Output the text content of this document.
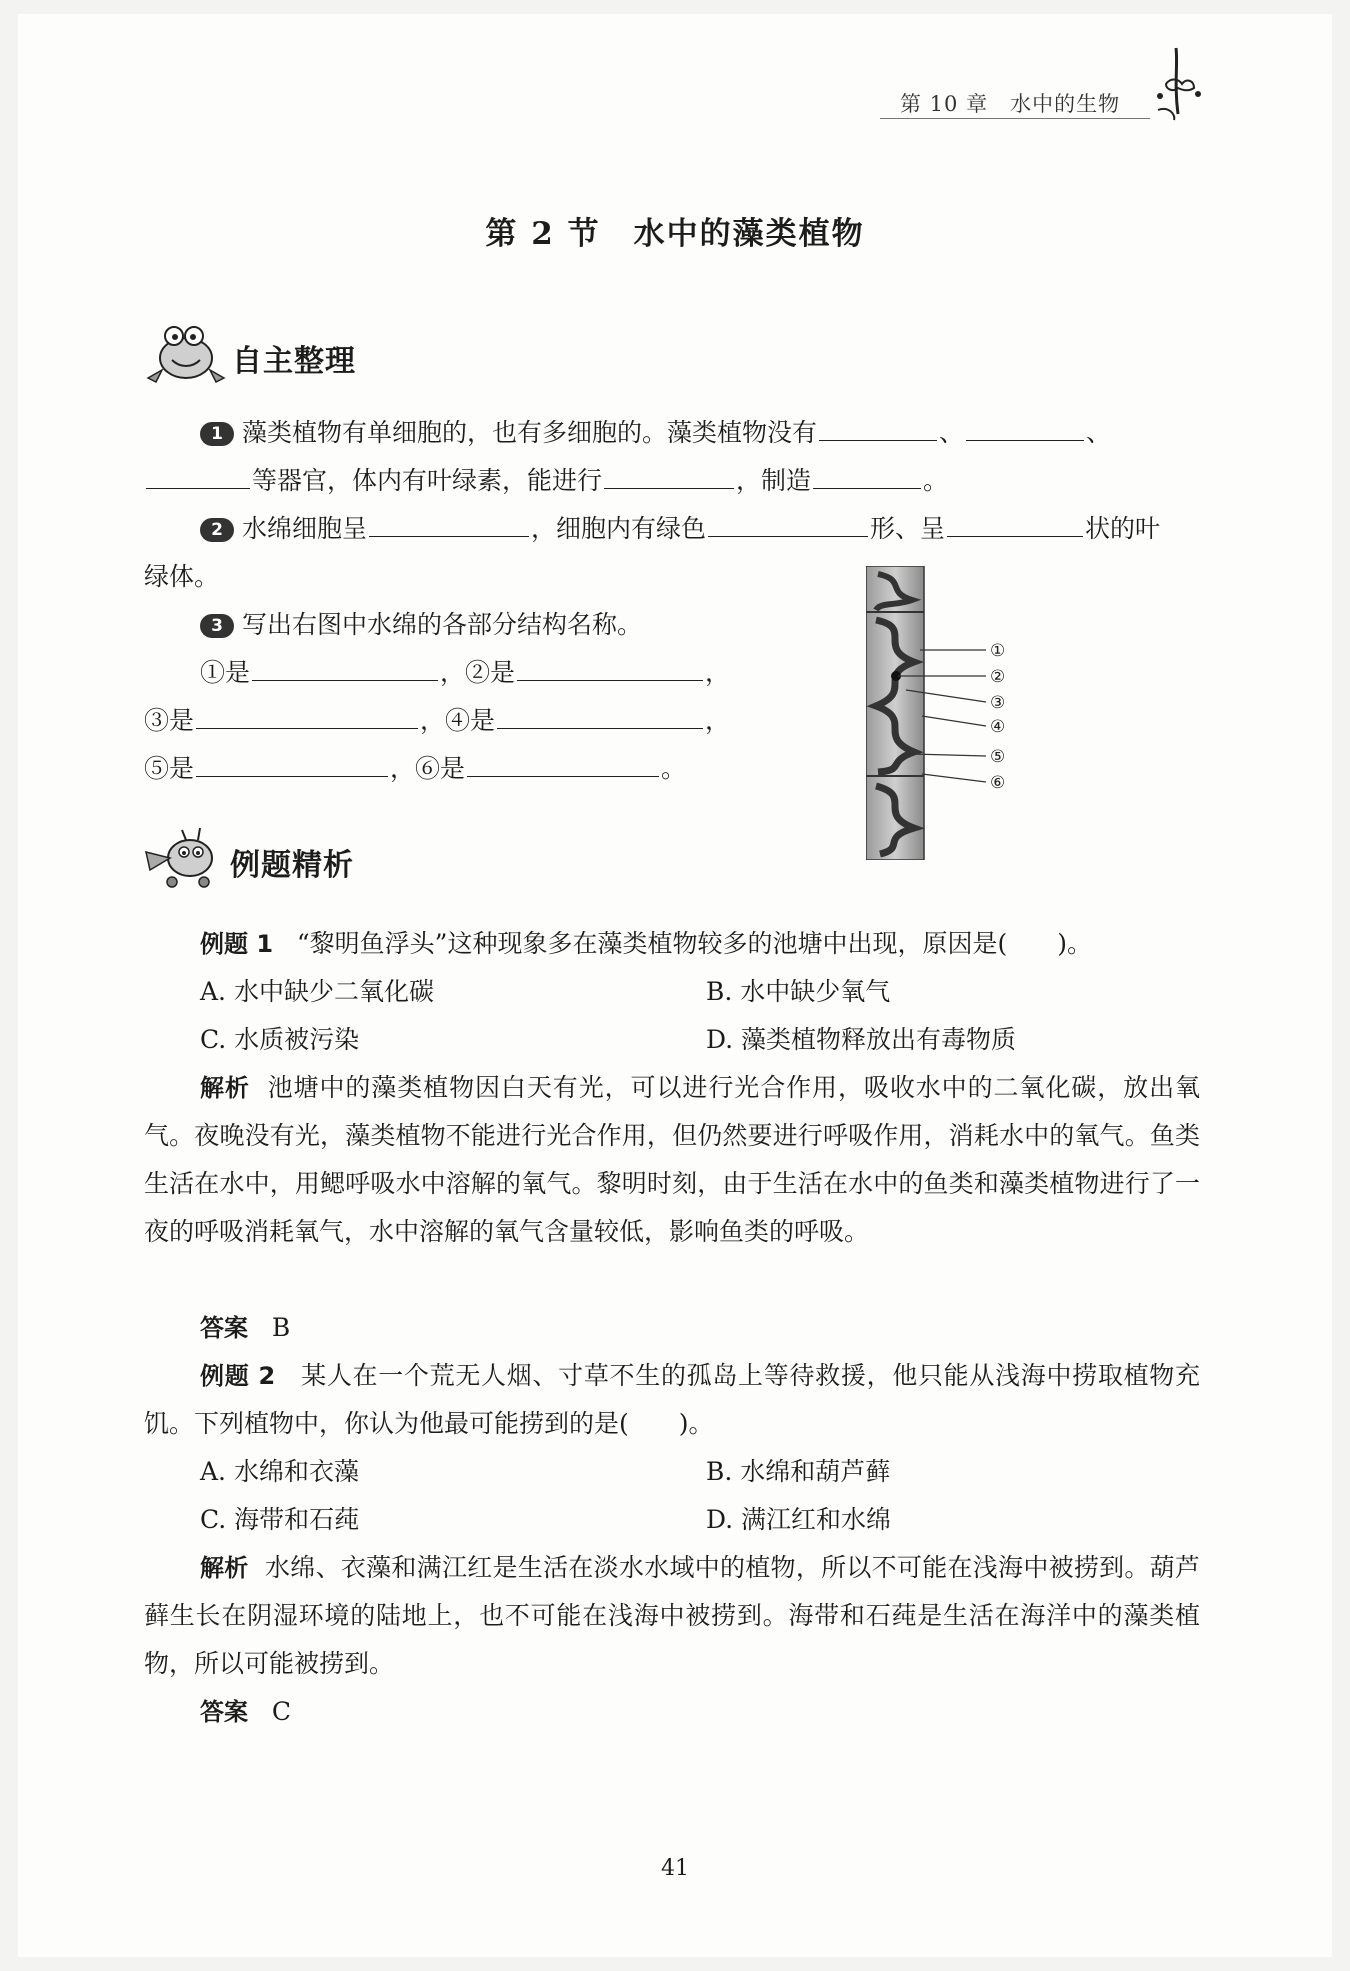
第 10 章　水中的生物
第 2 节　水中的藻类植物
自主整理
1 藻类植物有单细胞的，也有多细胞的。藻类植物没有	、	、
等器官，体内有叶绿素，能进行	，制造	。
2 水绵细胞呈	，细胞内有绿色	形、呈	状的叶
绿体。
3 写出右图中水绵的各部分结构名称。
①是	，②是	，
③是	，④是	，
⑤是	，⑥是	。
①
②
③
④
⑤
⑥
例题精析
例题 1 “黎明鱼浮头”这种现象多在藻类植物较多的池塘中出现，原因是(　　)。
A. 水中缺少二氧化碳	B. 水中缺少氧气
C. 水质被污染	D. 藻类植物释放出有毒物质
解析 池塘中的藻类植物因白天有光，可以进行光合作用，吸收水中的二氧化碳，放出氧气。夜晚没有光，藻类植物不能进行光合作用，但仍然要进行呼吸作用，消耗水中的氧气。鱼类生活在水中，用鳃呼吸水中溶解的氧气。黎明时刻，由于生活在水中的鱼类和藻类植物进行了一夜的呼吸消耗氧气，水中溶解的氧气含量较低，影响鱼类的呼吸。
答案 B
例题 2 某人在一个荒无人烟、寸草不生的孤岛上等待救援，他只能从浅海中捞取植物充饥。下列植物中，你认为他最可能捞到的是(　　)。
A. 水绵和衣藻	B. 水绵和葫芦藓
C. 海带和石莼	D. 满江红和水绵
解析 水绵、衣藻和满江红是生活在淡水水域中的植物，所以不可能在浅海中被捞到。葫芦藓生长在阴湿环境的陆地上，也不可能在浅海中被捞到。海带和石莼是生活在海洋中的藻类植物，所以可能被捞到。
答案 C
41
